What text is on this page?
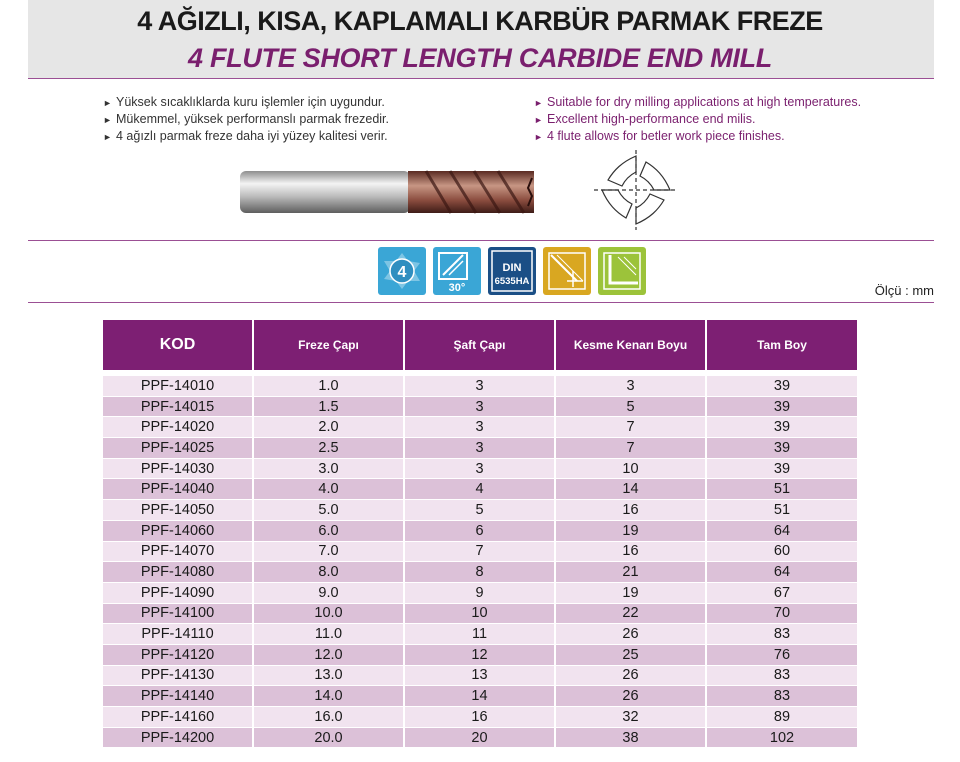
4 AĞIZLI, KISA, KAPLAMALI KARBÜR PARMAK FREZE
4 FLUTE SHORT LENGTH CARBIDE END MILL
► Yüksek sıcaklıklarda kuru işlemler için uygundur.
► Mükemmel, yüksek performanslı parmak frezedir.
► 4 ağızlı parmak freze daha iyi yüzey kalitesi verir.
► Suitable for dry milling applications at high temperatures.
► Excellent high-performance end milis.
► 4 flute allows for betler work piece finishes.
4
30°
DIN
6535HA
Ölçü : mm
KOD	Freze Çapı	Şaft Çapı	Kesme Kenarı Boyu	Tam Boy

PPF-14010	1.0	3	3	39
PPF-14015	1.5	3	5	39
PPF-14020	2.0	3	7	39
PPF-14025	2.5	3	7	39
PPF-14030	3.0	3	10	39
PPF-14040	4.0	4	14	51
PPF-14050	5.0	5	16	51
PPF-14060	6.0	6	19	64
PPF-14070	7.0	7	16	60
PPF-14080	8.0	8	21	64
PPF-14090	9.0	9	19	67
PPF-14100	10.0	10	22	70
PPF-14110	11.0	11	26	83
PPF-14120	12.0	12	25	76
PPF-14130	13.0	13	26	83
PPF-14140	14.0	14	26	83
PPF-14160	16.0	16	32	89
PPF-14200	20.0	20	38	102
